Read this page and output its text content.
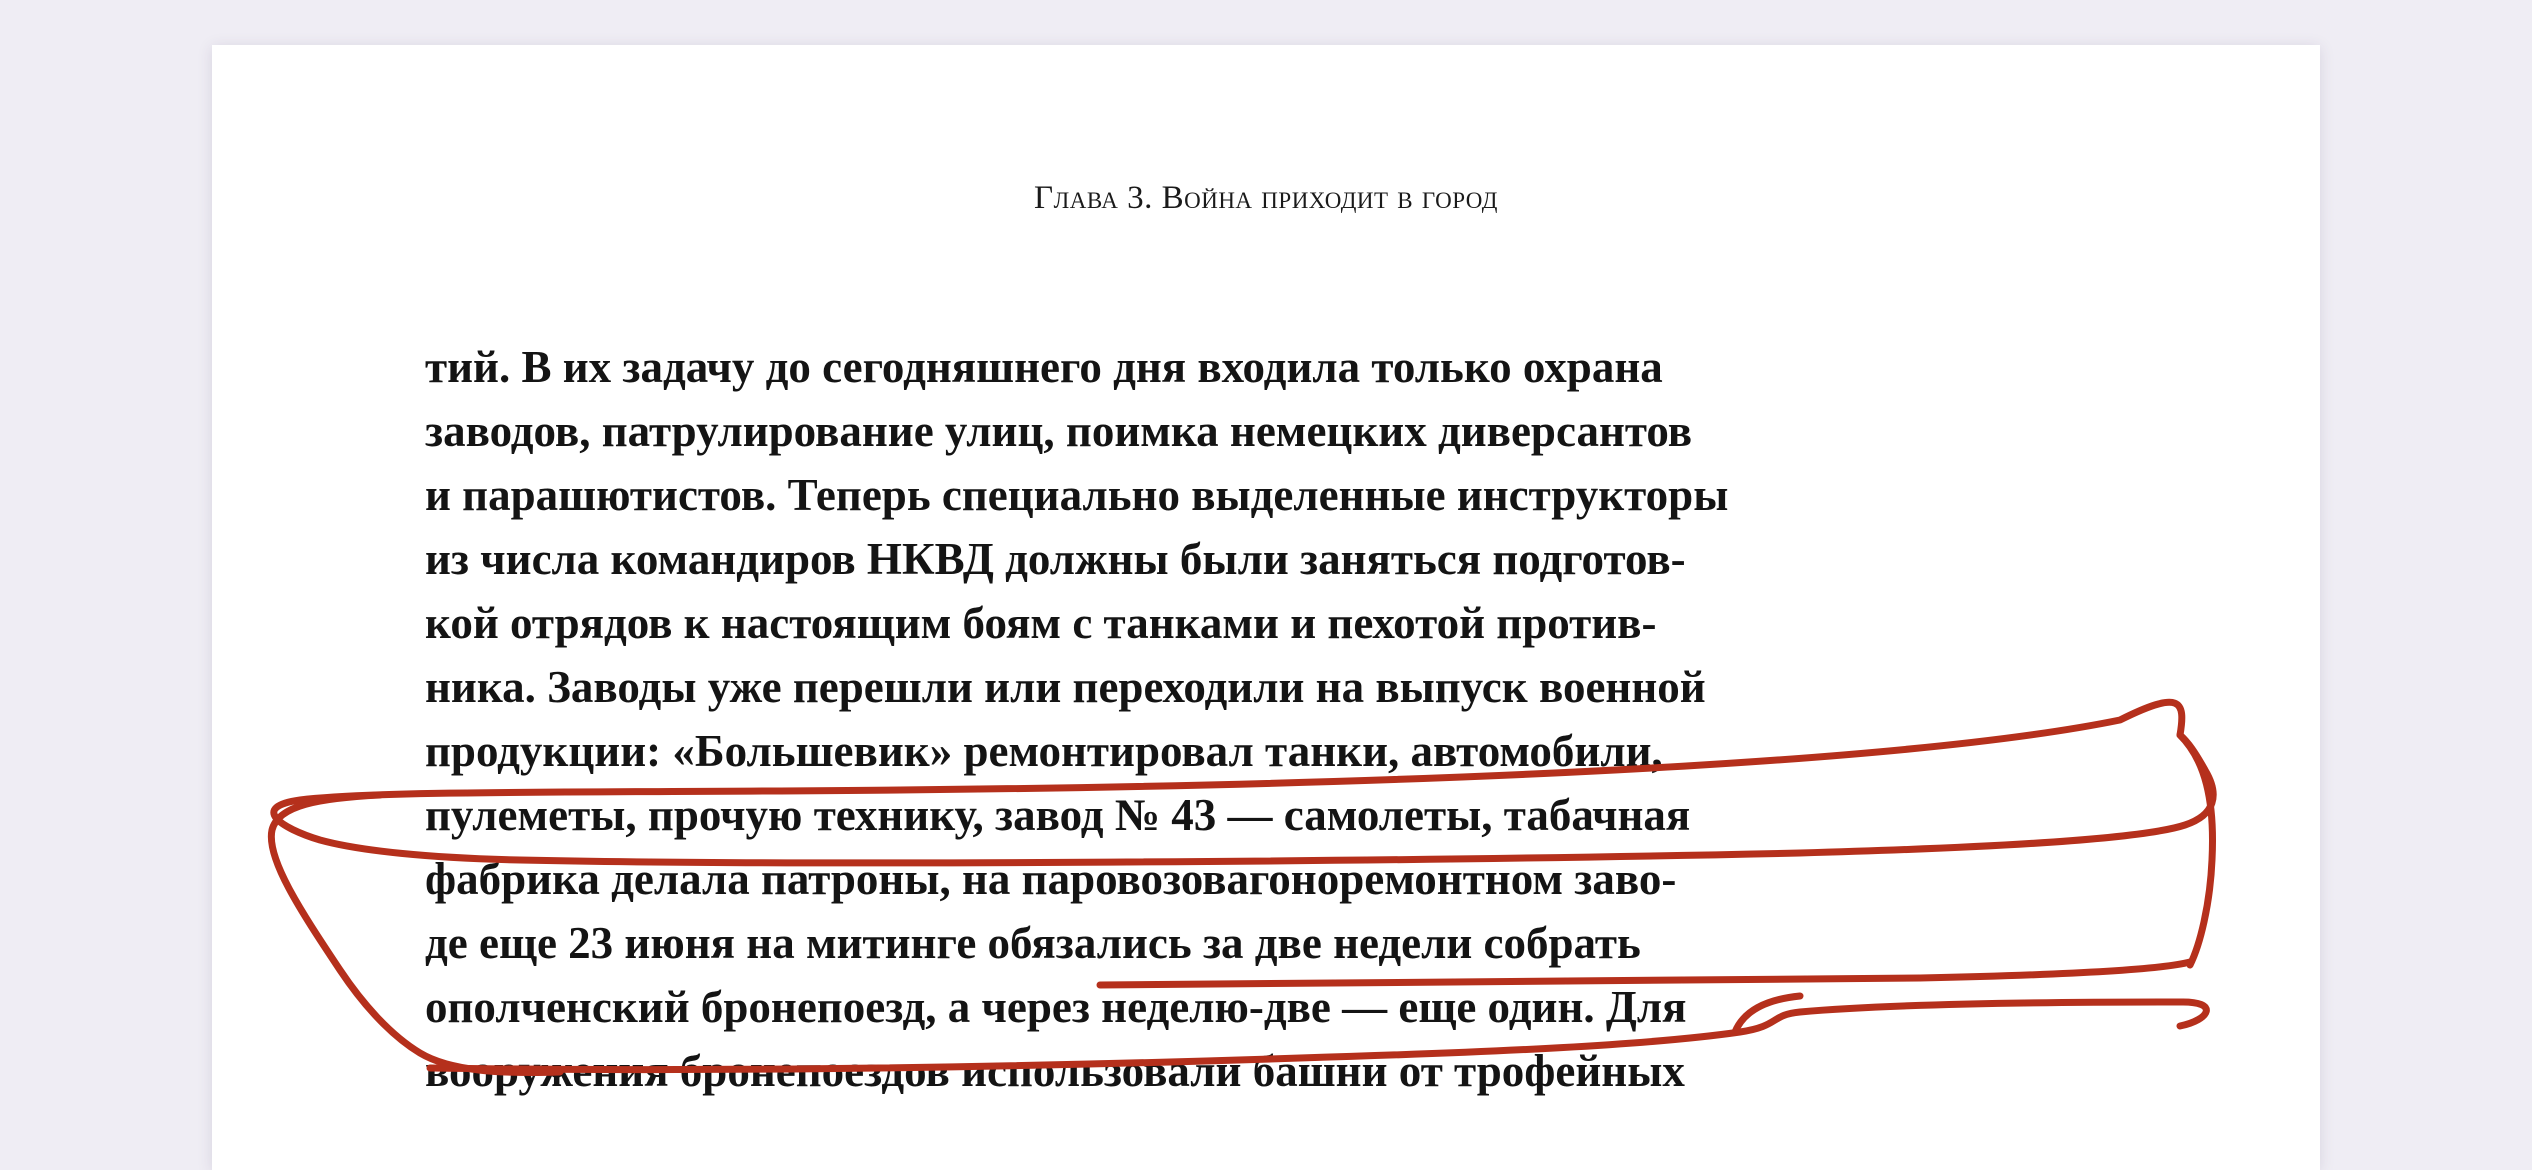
Глава 3. Война приходит в город

тий. В их задачу до сегодняшнего дня входила только охрана

заводов, патрулирование улиц, поимка немецких диверсантов

и парашютистов. Теперь специально выделенные инструкторы

из числа командиров НКВД должны были заняться подготов-

кой отрядов к настоящим боям с танками и пехотой против-

ника. Заводы уже перешли или переходили на выпуск военной

продукции: «Большевик» ремонтировал танки, автомобили,

пулеметы, прочую технику, завод № 43 — самолеты, табачная

фабрика делала патроны, на паровозовагоноремонтном заво-

де еще 23 июня на митинге обязались за две недели собрать

ополченский бронепоезд, а через неделю-две — еще один. Для

вооружения бронепоездов использовали башни от трофейных
